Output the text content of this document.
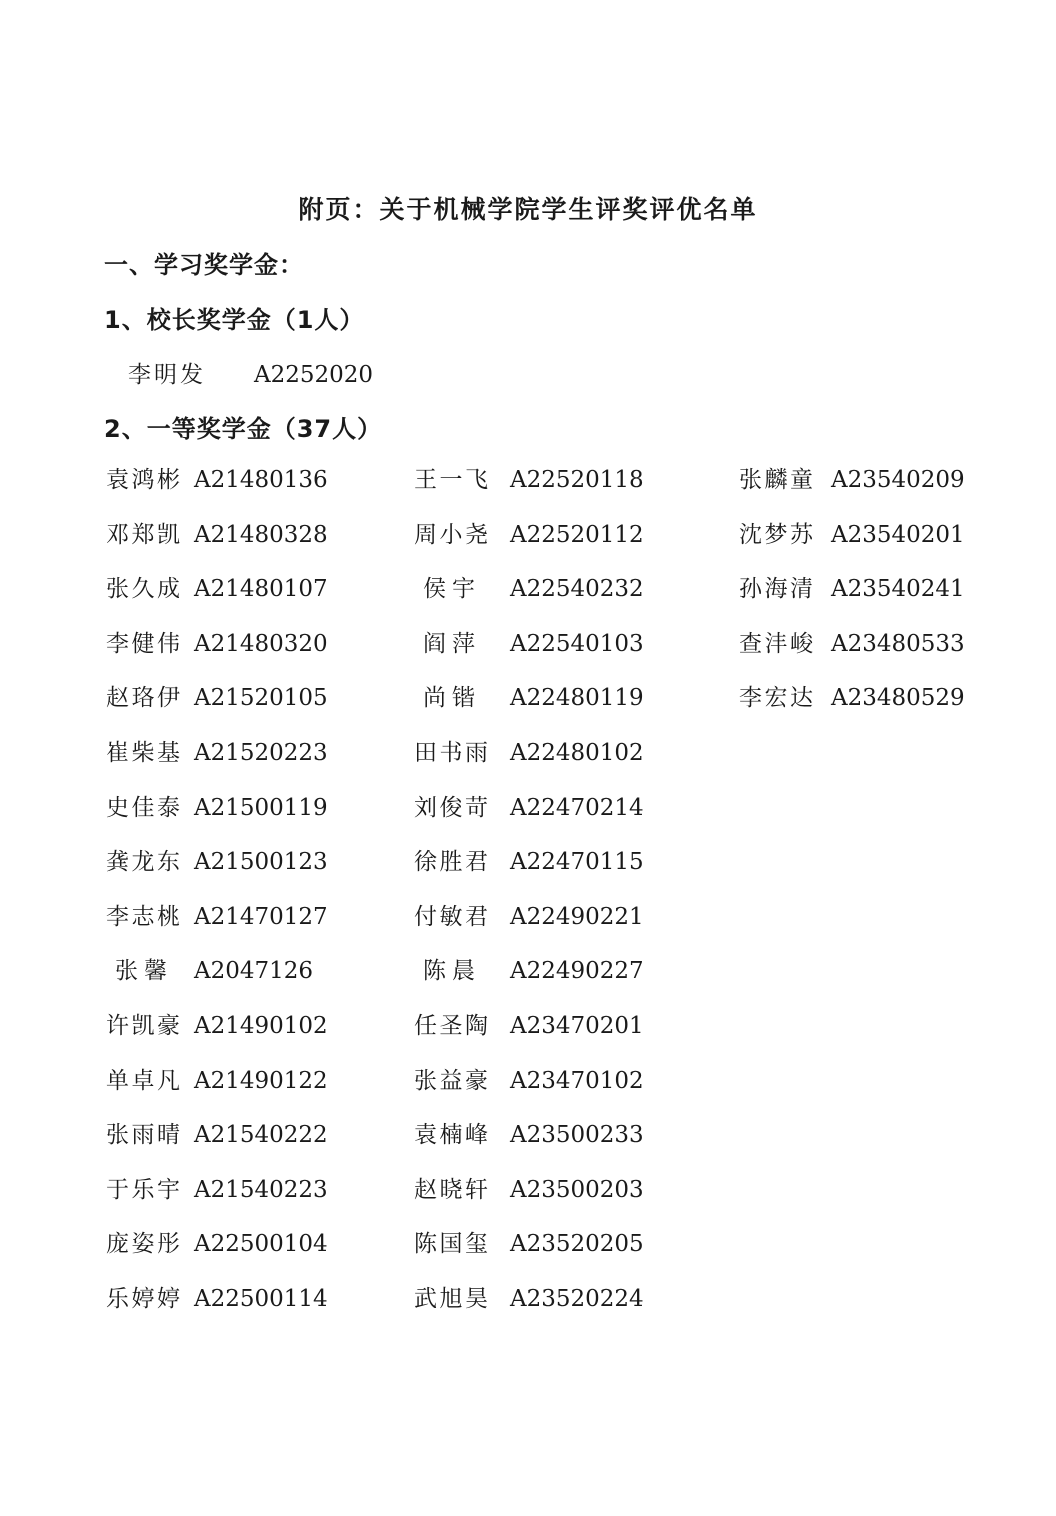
附页：关于机械学院学生评奖评优名单
一、学习奖学金：
1、校长奖学金（1人）
李明发 A2252020
2、一等奖学金（37人）
袁鸿彬 A21480136
邓郑凯 A21480328
张久成 A21480107
李健伟 A21480320
赵珞伊 A21520105
崔柴基 A21520223
史佳泰 A21500119
龚龙东 A21500123
李志桃 A21470127
张馨 A2047126
许凯豪 A21490102
单卓凡 A21490122
张雨晴 A21540222
于乐宇 A21540223
庞姿彤 A22500104
乐婷婷 A22500114
王一飞 A22520118
周小尧 A22520112
侯宇 A22540232
阎萍 A22540103
尚锴 A22480119
田书雨 A22480102
刘俊苛 A22470214
徐胜君 A22470115
付敏君 A22490221
陈晨 A22490227
任圣陶 A23470201
张益豪 A23470102
袁楠峰 A23500233
赵晓轩 A23500203
陈国玺 A23520205
武旭昊 A23520224
张麟童 A23540209
沈梦苏 A23540201
孙海清 A23540241
查沣峻 A23480533
李宏达 A23480529
